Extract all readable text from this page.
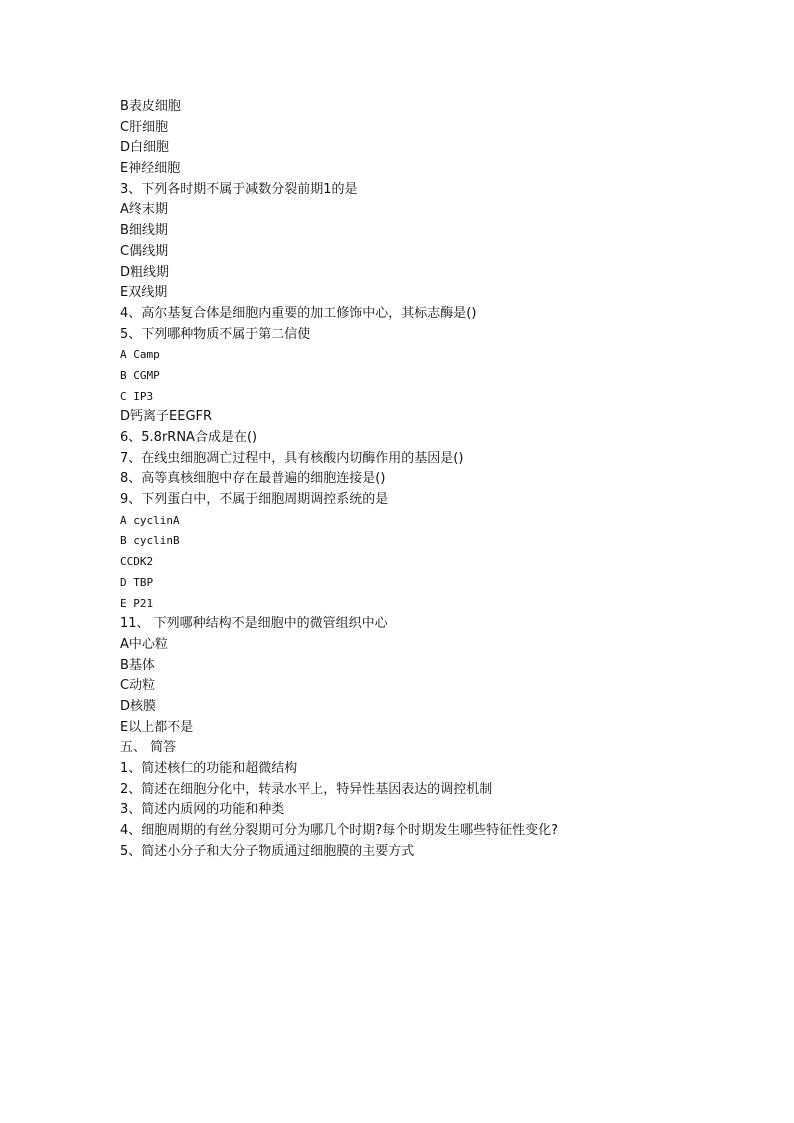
B表皮细胞
C肝细胞
D白细胞
E神经细胞
3、下列各时期不属于减数分裂前期1的是
A终末期
B细线期
C偶线期
D粗线期
E双线期
4、高尔基复合体是细胞内重要的加工修饰中心，其标志酶是()
5、下列哪种物质不属于第二信使
A Camp
B CGMP
C IP3
D钙离子EEGFR
6、5.8rRNA合成是在()
7、在线虫细胞凋亡过程中，具有核酸内切酶作用的基因是()
8、高等真核细胞中存在最普遍的细胞连接是()
9、下列蛋白中，不属于细胞周期调控系统的是
A cyclinA
B cyclinB
CCDK2
D TBP
E P21
11、 下列哪种结构不是细胞中的微管组织中心
A中心粒
B基体
C动粒
D核膜
E以上都不是
五、 简答
1、简述核仁的功能和超微结构
2、简述在细胞分化中，转录水平上，特异性基因表达的调控机制
3、简述内质网的功能和种类
4、细胞周期的有丝分裂期可分为哪几个时期?每个时期发生哪些特征性变化?
5、简述小分子和大分子物质通过细胞膜的主要方式
